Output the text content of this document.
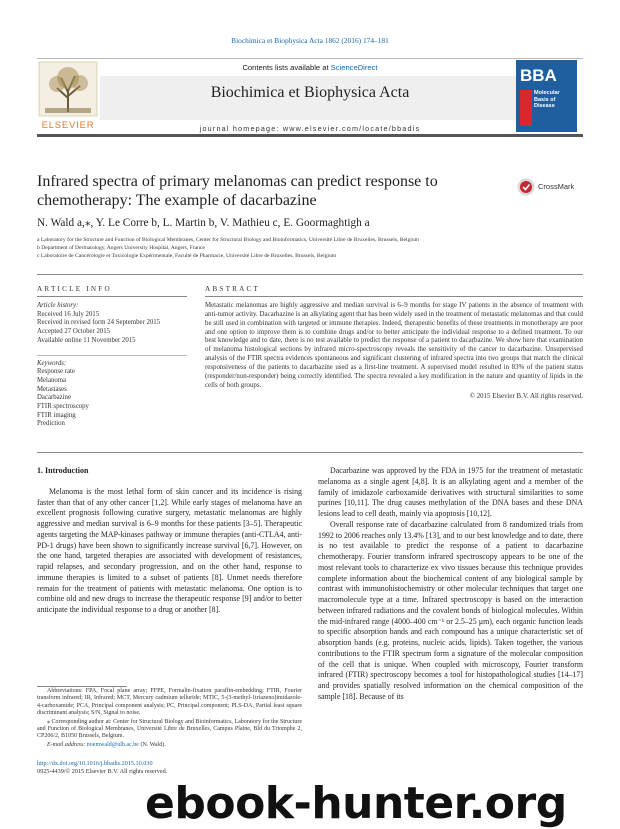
Biochimica et Biophysica Acta 1862 (2016) 174–181
ELSEVIER
Contents lists available at ScienceDirect
Biochimica et Biophysica Acta
journal homepage: www.elsevier.com/locate/bbadis
BBA
Molecular Basis of Disease
Infrared spectra of primary melanomas can predict response to chemotherapy: The example of dacarbazine
CrossMark
N. Wald a,⁎, Y. Le Corre b, L. Martin b, V. Mathieu c, E. Goormaghtigh a
a Laboratory for the Structure and Function of Biological Membranes, Center for Structural Biology and Bioinformatics, Université Libre de Bruxelles, Brussels, Belgium
b Department of Dermatology, Angers University Hospital, Angers, France
c Laboratoire de Cancérologie et Toxicologie Expérimentale, Faculté de Pharmacie, Université Libre de Bruxelles, Brussels, Belgium
ARTICLE INFO	ABSTRACT
Article history:
Received 16 July 2015
Received in revised form 24 September 2015
Accepted 27 October 2015
Available online 11 November 2015
Keywords:
Response rate
Melanoma
Metastases
Dacarbazine
FTIR spectroscopy
FTIR imaging
Prediction
Metastatic melanomas are highly aggressive and median survival is 6–9 months for stage IV patients in the absence of treatment with anti-tumor activity. Dacarbazine is an alkylating agent that has been widely used in the treatment of metastatic melanomas and that could be still used in combination with targeted or immune therapies. Indeed, therapeutic benefits of these treatments in monotherapy are poor and one option to improve them is to combine drugs and/or to better anticipate the individual response to a defined treatment. To our best knowledge and to date, there is no test available to predict the response of a patient to dacarbazine. We show here that examination of melanoma histological sections by infrared micro-spectroscopy reveals the sensitivity of the cancer to dacarbazine. Unsupervised analysis of the FTIR spectra evidences spontaneous and significant clustering of infrared spectra into two groups that match the clinical responsiveness of the patients to dacarbazine used as a first-line treatment. A supervised model resulted in 83% of the patient status (responder/non-responder) being correctly identified. The spectra revealed a key modification in the nature and quantity of lipids in the cells of both groups.
© 2015 Elsevier B.V. All rights reserved.
1. Introduction

Melanoma is the most lethal form of skin cancer and its incidence is rising faster than that of any other cancer [1,2]. While early stages of melanoma have an excellent prognosis following curative surgery, metastatic melanomas are highly aggressive and median survival is 6–9 months for these patients [3–5]. Therapeutic agents targeting the MAP-kinases pathway or immune therapies (anti-CTLA4, anti-PD-1 drugs) have been shown to significantly increase survival [6,7]. However, on the one hand, targeted therapies are associated with development of resistances, rapid relapses, and secondary progression, and on the other hand, response to immune therapies is limited to a subset of patients [8]. Unmet needs therefore remain for the treatment of patients with metastatic melanoma. One option is to combine old and new drugs to increase the therapeutic response [9] and/or to better anticipate the individual response to a drug or another [8].

Abbreviations: FPA, Focal plane array; FFPE, Formalin-fixation paraffin-embedding; FTIR, Fourier transform infrared; IR, Infrared; MCT, Mercury cadmium telluride; MTIC, 5-(3-methyl-1triazeno)imidazole-4-carboxamide; PCA, Principal component analysis; PC, Principal component; PLS-DA, Partial least square discriminant analysis; S/N, Signal to noise.

⁎ Corresponding author at: Center for Structural Biology and Bioinformatics, Laboratory for the Structure and Function of Biological Membranes, Université Libre de Bruxelles, Campus Plaine, Bld du Triomphe 2, CP206/2, B1050 Brussels, Belgium.

E-mail address: noemwald@ulb.ac.be (N. Wald).

http://dx.doi.org/10.1016/j.bbadis.2015.10.030
0925-4439/© 2015 Elsevier B.V. All rights reserved.

Dacarbazine was approved by the FDA in 1975 for the treatment of metastatic melanoma as a single agent [4,8]. It is an alkylating agent and a member of the family of imidazole carboxamide derivatives with structural similarities to some purines [10,11]. The drug causes methylation of the DNA bases and these DNA lesions lead to cell death, mainly via apoptosis [10,12].

Overall response rate of dacarbazine calculated from 8 randomized trials from 1992 to 2006 reaches only 13.4% [13], and to our best knowledge and to date, there is no test available to predict the response of a patient to dacarbazine chemotherapy. Fourier transform infrared spectroscopy appears to be one of the most relevant tools to characterize ex vivo tissues because this technique provides complete information about the biochemical content of any biological sample by contrast with immunohistochemistry or other molecular techniques that target one macromolecule type at a time. Infrared spectroscopy is based on the interaction between infrared radiations and the covalent bonds of biological molecules. Within the mid-infrared range (4000–400 cm⁻¹ or 2.5–25 μm), each organic function leads to specific absorption bands and each compound has a unique characteristic set of absorption bands (e.g. proteins, nucleic acids, lipids). Taken together, the various contributions to the FTIR spectrum form a signature of the molecular composition of the cell that is unique. When coupled with microscopy, Fourier transform infrared (FTIR) spectroscopy becomes a tool for histopathological studies [14–17] and provides spatially resolved information on the chemical composition of the sample [18]. Because of its

ebook-hunter.org
